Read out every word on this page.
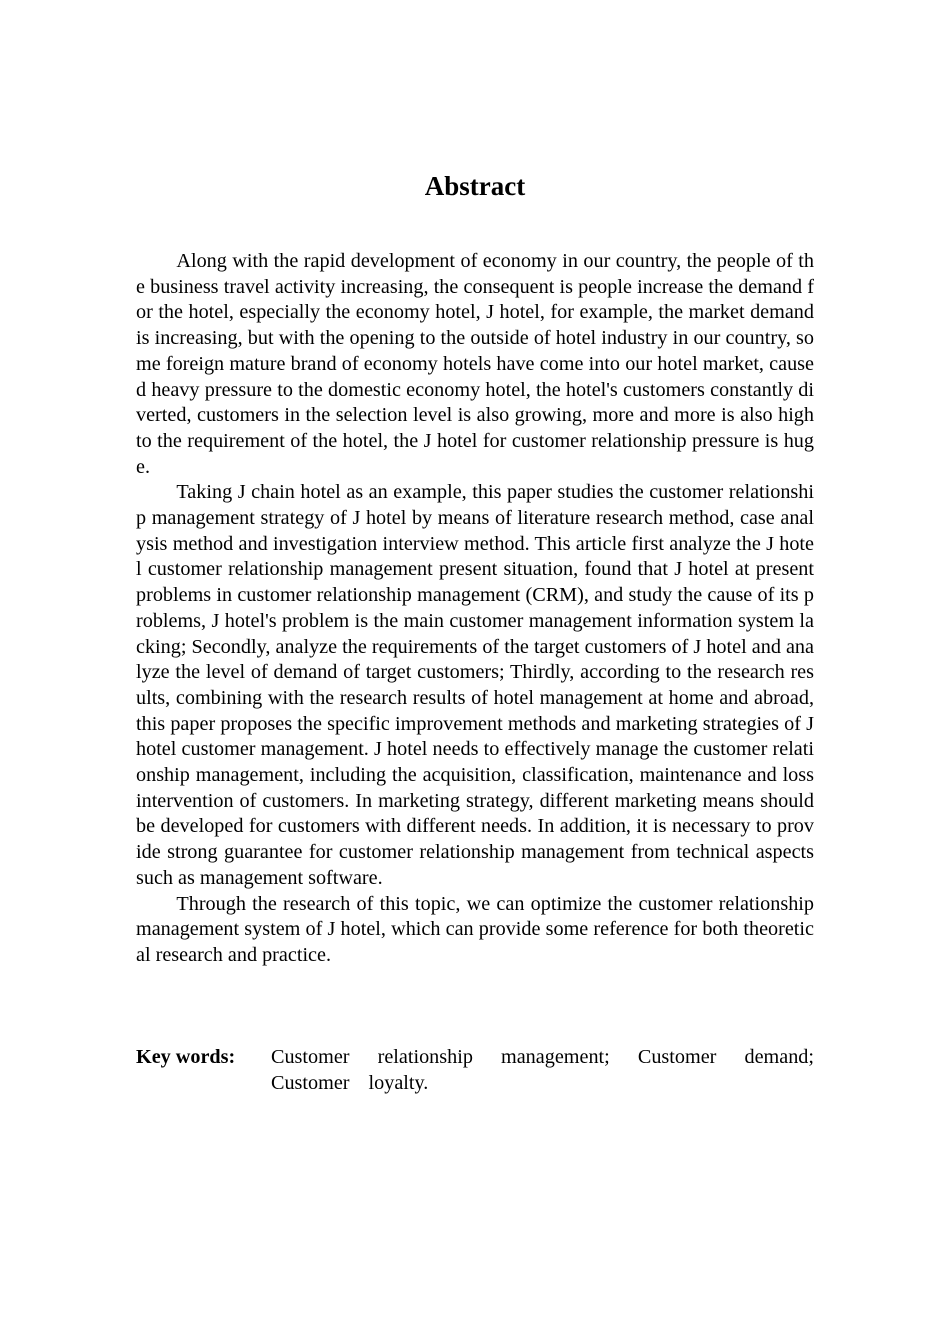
Abstract

Along with the rapid development of economy in our country, the people of the business travel activity increasing, the consequent is people increase the demand for the hotel, especially the economy hotel, J hotel, for example, the market demand is increasing, but with the opening to the outside of hotel industry in our country, some foreign mature brand of economy hotels have come into our hotel market, caused heavy pressure to the domestic economy hotel, the hotel's customers constantly diverted, customers in the selection level is also growing, more and more is also high to the requirement of the hotel, the J hotel for customer relationship pressure is huge.

Taking J chain hotel as an example, this paper studies the customer relationship management strategy of J hotel by means of literature research method, case analysis method and investigation interview method. This article first analyze the J hotel customer relationship management present situation, found that J hotel at present problems in customer relationship management (CRM), and study the cause of its problems, J hotel's problem is the main customer management information system lacking; Secondly, analyze the requirements of the target customers of J hotel and analyze the level of demand of target customers; Thirdly, according to the research results, combining with the research results of hotel management at home and abroad, this paper proposes the specific improvement methods and marketing strategies of J hotel customer management. J hotel needs to effectively manage the customer relationship management, including the acquisition, classification, maintenance and loss intervention of customers. In marketing strategy, different marketing means should be developed for customers with different needs. In addition, it is necessary to provide strong guarantee for customer relationship management from technical aspects such as management software.

Through the research of this topic, we can optimize the customer relationship management system of J hotel, which can provide some reference for both theoretical research and practice.

Key words:	Customer relationship management; Customer demand; Customer loyalty.
